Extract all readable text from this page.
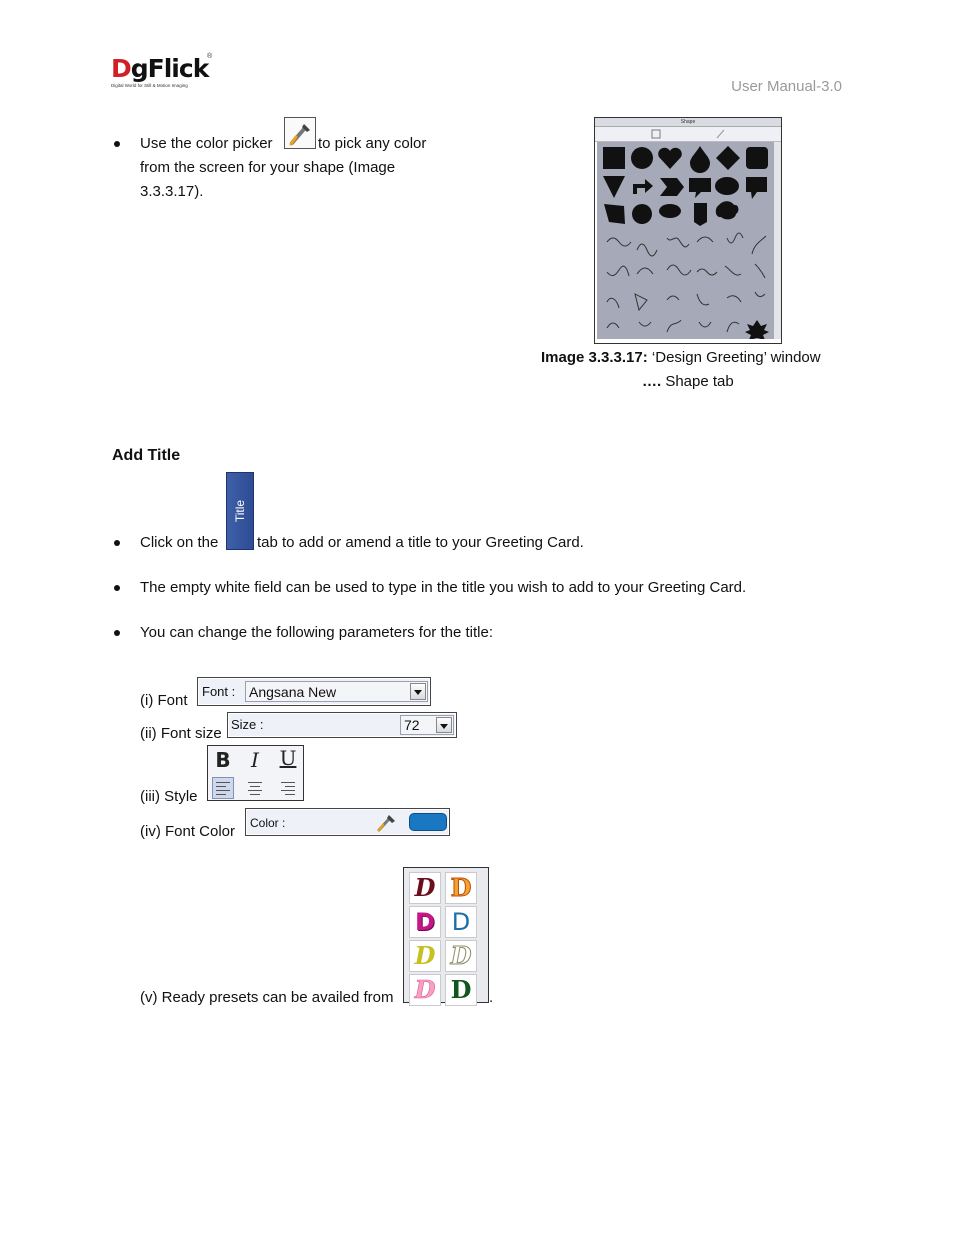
DgFlick
®
Digital World for Still & Motion Imaging	User Manual-3.0
Use the color picker	to pick any color
from the screen for your shape (Image
3.3.3.17).
Shape
Image 3.3.3.17: ‘Design Greeting’ window
…. Shape tab
Add Title
Click on the
Title
tab to add or amend a title to your Greeting Card.
The empty white field can be used to type in the title you wish to add to your Greeting Card.
You can change the following parameters for the title:
(i) Font
Font : Angsana New
(ii) Font size
Size :	72
(iii) Style
B	I	U
(iv) Font Color Color :
(v) Ready presets can be availed from
D D
D D
D D
D D	.
